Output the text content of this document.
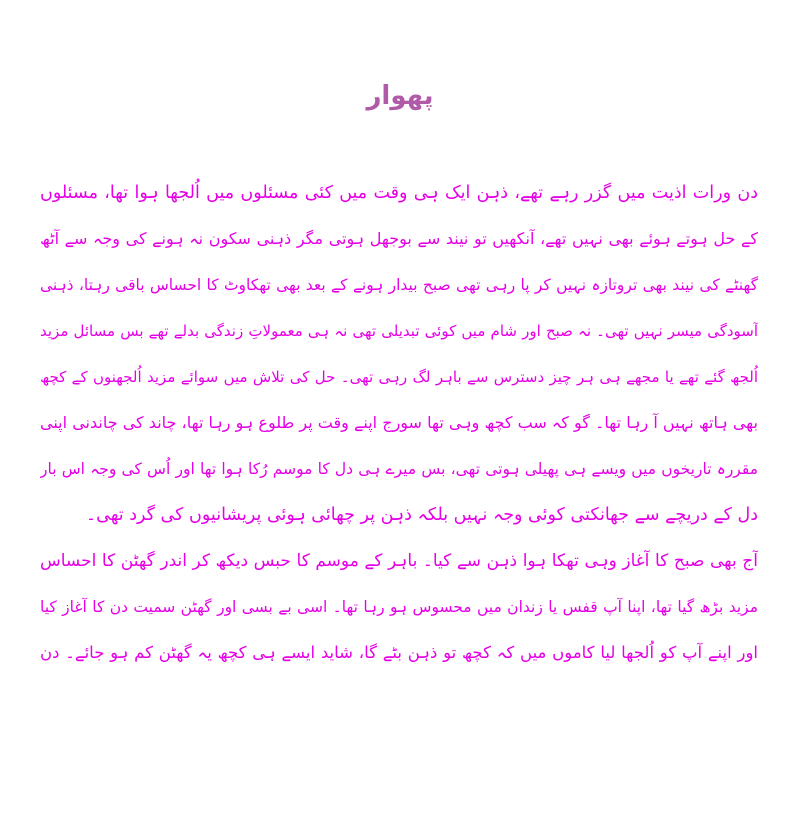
پھوار
دن ورات اذیت میں گزر رہے تھے، ذہن ایک ہی وقت میں کئی مسئلوں میں اُلجھا ہوا تھا، مسئلوں
کے حل ہوتے ہوئے بھی نہیں تھے، آنکھیں تو نیند سے بوجھل ہوتی مگر ذہنی سکون نہ ہونے کی وجہ سے آٹھ
گھنٹے کی نیند بھی تروتازہ نہیں کر پا رہی تھی صبح بیدار ہونے کے بعد بھی تھکاوٹ کا احساس باقی رہتا، ذہنی
آسودگی میسر نہیں تھی۔ نہ صبح اور شام میں کوئی تبدیلی تھی نہ ہی معمولاتِ زندگی بدلے تھے بس مسائل مزید
اُلجھ گئے تھے یا مجھے ہی ہر چیز دسترس سے باہر لگ رہی تھی۔ حل کی تلاش میں سوائے مزید اُلجھنوں کے کچھ
بھی ہاتھ نہیں آ رہا تھا۔ گو کہ سب کچھ وہی تھا سورج اپنے وقت پر طلوع ہو رہا تھا، چاند کی چاندنی اپنی
مقررہ تاریخوں میں ویسے ہی پھیلی ہوتی تھی، بس میرے ہی دل کا موسم رُکا ہوا تھا اور اُس کی وجہ اس بار
دل کے دریچے سے جھانکتی کوئی وجہ نہیں بلکہ ذہن پر چھائی ہوئی پریشانیوں کی گرد تھی۔
آج بھی صبح کا آغاز وہی تھکا ہوا ذہن سے کیا۔ باہر کے موسم کا حبس دیکھ کر اندر گھٹن کا احساس
مزید بڑھ گیا تھا، اپنا آپ قفس یا زندان میں محسوس ہو رہا تھا۔ اسی بے بسی اور گھٹن سمیت دن کا آغاز کیا
اور اپنے آپ کو اُلجھا لیا کاموں میں کہ کچھ تو ذہن بٹے گا، شاید ایسے ہی کچھ یہ گھٹن کم ہو جائے۔ دن
